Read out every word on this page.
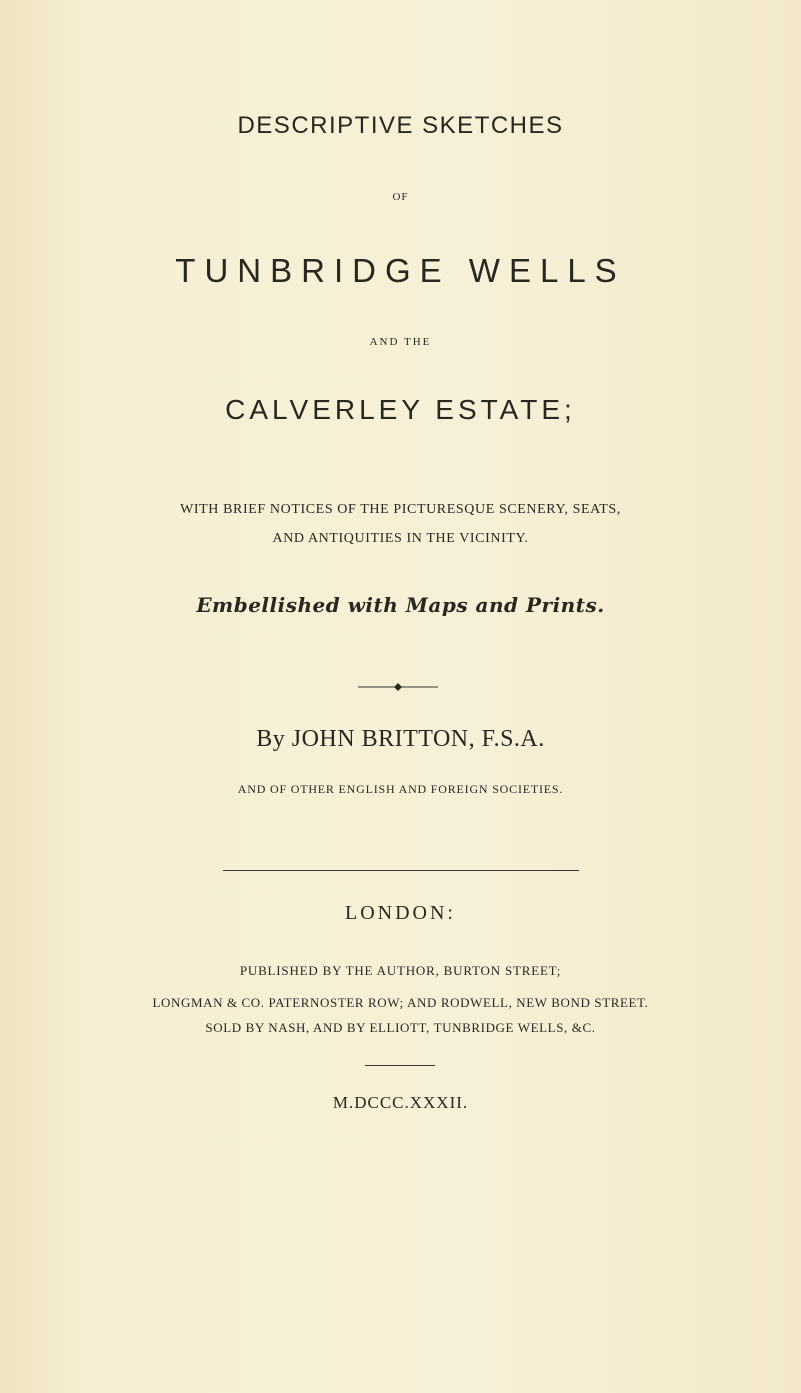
DESCRIPTIVE SKETCHES
OF
TUNBRIDGE WELLS
AND THE
CALVERLEY ESTATE;
WITH BRIEF NOTICES OF THE PICTURESQUE SCENERY, SEATS,
AND ANTIQUITIES IN THE VICINITY.
Embellished with Maps and Prints.
By JOHN BRITTON, F.S.A.
AND OF OTHER ENGLISH AND FOREIGN SOCIETIES.
LONDON:
PUBLISHED BY THE AUTHOR, BURTON STREET;
LONGMAN & CO. PATERNOSTER ROW; AND RODWELL, NEW BOND STREET.
SOLD BY NASH, AND BY ELLIOTT, TUNBRIDGE WELLS, &C.
M.DCCC.XXXII.
